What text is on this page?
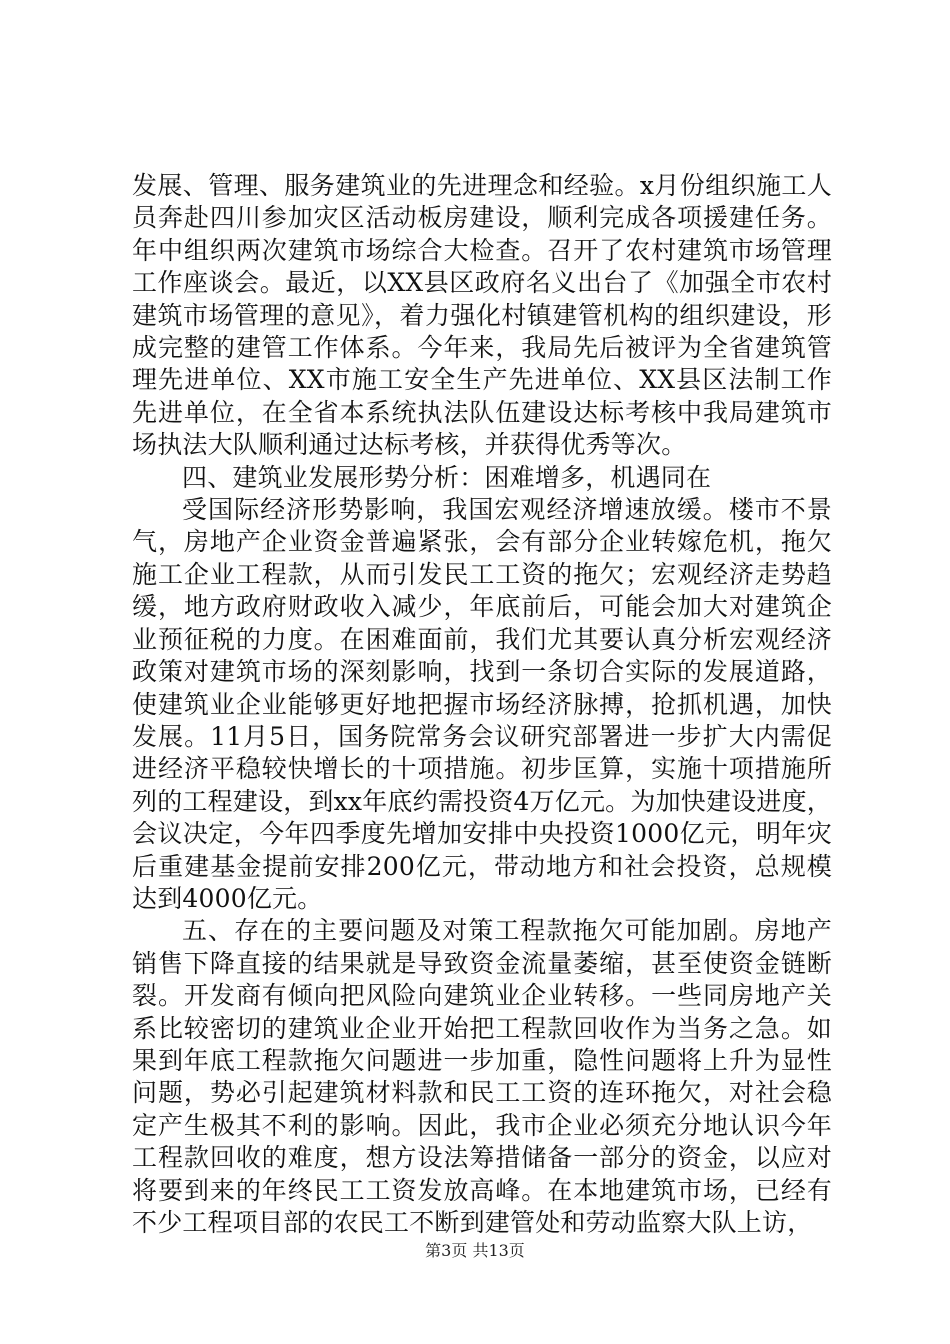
发展、管理、服务建筑业的先进理念和经验。x月份组织施工人员奔赴四川参加灾区活动板房建设，顺利完成各项援建任务。年中组织两次建筑市场综合大检查。召开了农村建筑市场管理工作座谈会。最近，以XX县区政府名义出台了《加强全市农村建筑市场管理的意见》，着力强化村镇建管机构的组织建设，形成完整的建管工作体系。今年来，我局先后被评为全省建筑管理先进单位、XX市施工安全生产先进单位、XX县区法制工作先进单位，在全省本系统执法队伍建设达标考核中我局建筑市场执法大队顺利通过达标考核，并获得优秀等次。

四、建筑业发展形势分析：困难增多，机遇同在

受国际经济形势影响，我国宏观经济增速放缓。楼市不景气，房地产企业资金普遍紧张，会有部分企业转嫁危机，拖欠施工企业工程款，从而引发民工工资的拖欠；宏观经济走势趋缓，地方政府财政收入减少，年底前后，可能会加大对建筑企业预征税的力度。在困难面前，我们尤其要认真分析宏观经济政策对建筑市场的深刻影响，找到一条切合实际的发展道路，使建筑业企业能够更好地把握市场经济脉搏，抢抓机遇，加快发展。11月5日，国务院常务会议研究部署进一步扩大内需促进经济平稳较快增长的十项措施。初步匡算，实施十项措施所列的工程建设，到xx年底约需投资4万亿元。为加快建设进度，会议决定，今年四季度先增加安排中央投资1000亿元，明年灾后重建基金提前安排200亿元，带动地方和社会投资，总规模达到4000亿元。

五、存在的主要问题及对策工程款拖欠可能加剧。房地产销售下降直接的结果就是导致资金流量萎缩，甚至使资金链断裂。开发商有倾向把风险向建筑业企业转移。一些同房地产关系比较密切的建筑业企业开始把工程款回收作为当务之急。如果到年底工程款拖欠问题进一步加重，隐性问题将上升为显性问题，势必引起建筑材料款和民工工资的连环拖欠，对社会稳定产生极其不利的影响。因此，我市企业必须充分地认识今年工程款回收的难度，想方设法筹措储备一部分的资金，以应对将要到来的年终民工工资发放高峰。在本地建筑市场，已经有不少工程项目部的农民工不断到建管处和劳动监察大队上访，

第3页 共13页
